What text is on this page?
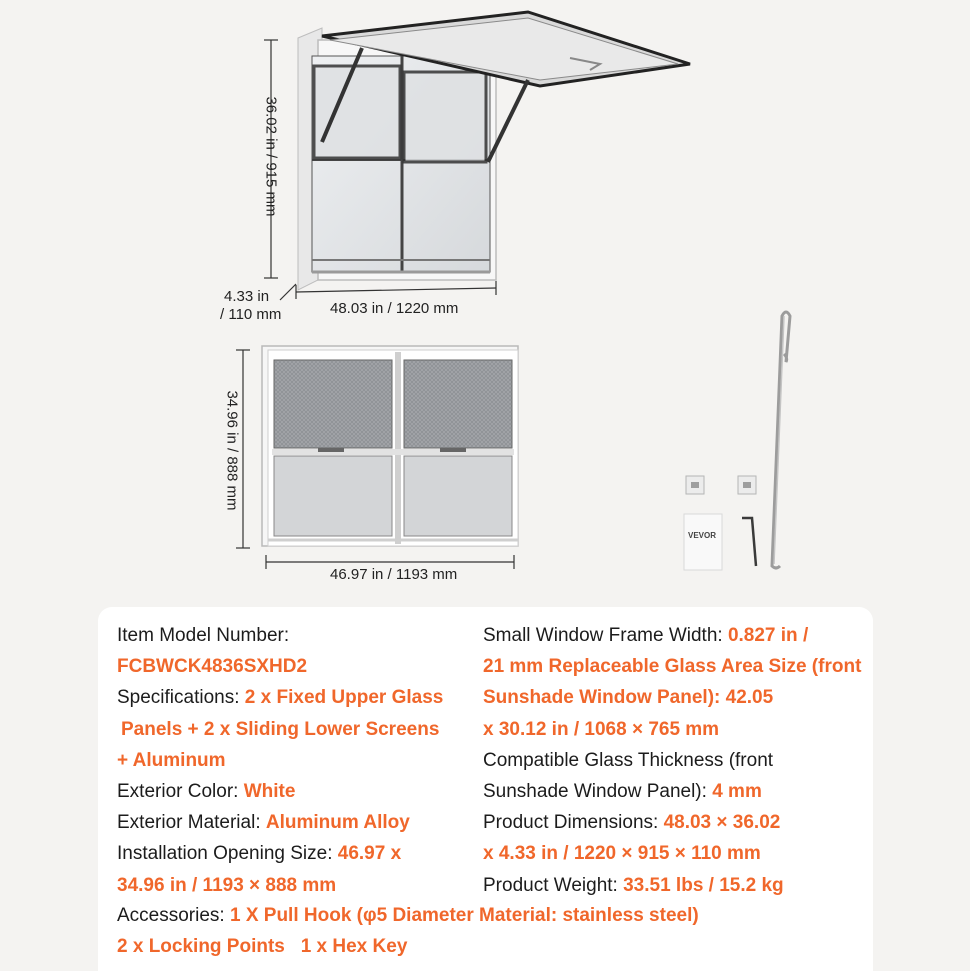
36.02 in / 915 mm
4.33 in
/ 110 mm	48.03 in / 1220 mm
34.96 in / 888 mm
46.97 in / 1193 mm
VEVOR
Item Model Number:
FCBWCK4836SXHD2
Specifications: 2 x Fixed Upper Glass
Panels + 2 x Sliding Lower Screens
+ Aluminum
Exterior Color: White
Exterior Material: Aluminum Alloy
Installation Opening Size: 46.97 x
34.96 in / 1193 × 888 mm
Small Window Frame Width: 0.827 in /
21 mm Replaceable Glass Area Size (front
Sunshade Window Panel): 42.05
x 30.12 in / 1068 × 765 mm
Compatible Glass Thickness (front
Sunshade Window Panel): 4 mm
Product Dimensions: 48.03 × 36.02
x 4.33 in / 1220 × 915 × 110 mm
Product Weight: 33.51 lbs / 15.2 kg
Accessories: 1 X Pull Hook (φ5 Diameter Material: stainless steel)
2 x Locking Points   1 x Hex Key
